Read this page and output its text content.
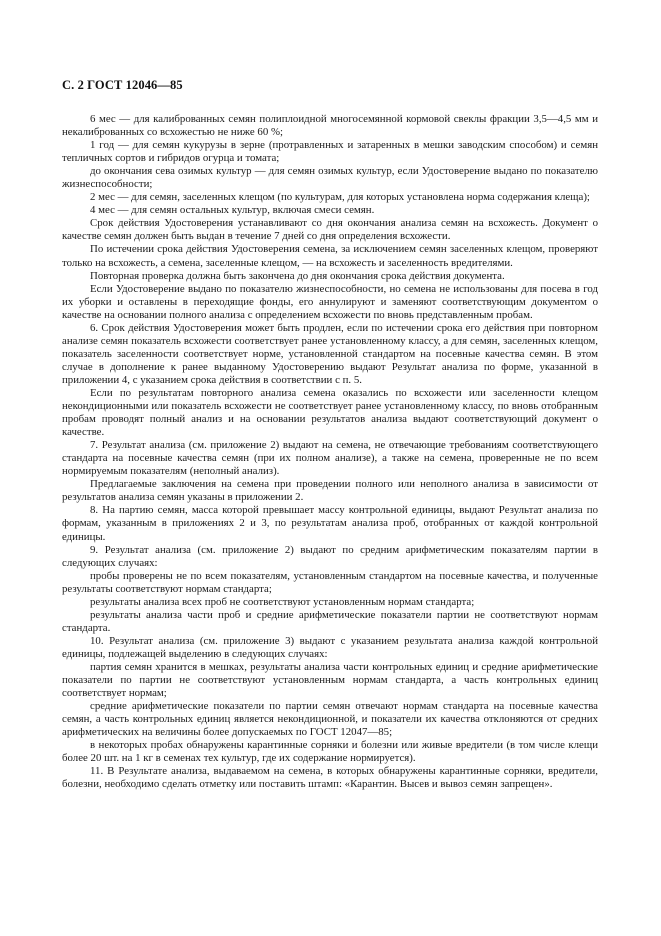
С. 2 ГОСТ 12046—85

6 мес — для калиброванных семян полиплоидной многосемянной кормовой свеклы фракции 3,5—4,5 мм и некалиброванных со всхожестью не ниже 60 %;

1 год — для семян кукурузы в зерне (протравленных и затаренных в мешки заводским способом) и семян тепличных сортов и гибридов огурца и томата;

до окончания сева озимых культур — для семян озимых культур, если Удостоверение выдано по показателю жизнеспособности;

2 мес — для семян, заселенных клещом (по культурам, для которых установлена норма содержания клеща);

4 мес — для семян остальных культур, включая смеси семян.

Срок действия Удостоверения устанавливают со дня окончания анализа семян на всхожесть. Документ о качестве семян должен быть выдан в течение 7 дней со дня определения всхожести.

По истечении срока действия Удостоверения семена, за исключением семян заселенных клещом, проверяют только на всхожесть, а семена, заселенные клещом, — на всхожесть и заселенность вредителями.

Повторная проверка должна быть закончена до дня окончания срока действия документа.

Если Удостоверение выдано по показателю жизнеспособности, но семена не использованы для посева в год их уборки и оставлены в переходящие фонды, его аннулируют и заменяют соответствующим документом о качестве на основании полного анализа с определением всхожести по вновь представленным пробам.

6. Срок действия Удостоверения может быть продлен, если по истечении срока его действия при повторном анализе семян показатель всхожести соответствует ранее установленному классу, а для семян, заселенных клещом, показатель заселенности соответствует норме, установленной стандартом на посевные качества семян. В этом случае в дополнение к ранее выданному Удостоверению выдают Результат анализа по форме, указанной в приложении 4, с указанием срока действия в соответствии с п. 5.

Если по результатам повторного анализа семена оказались по всхожести или заселенности клещом некондиционными или показатель всхожести не соответствует ранее установленному классу, по вновь отобранным пробам проводят полный анализ и на основании результатов анализа выдают соответствующий документ о качестве.

7. Результат анализа (см. приложение 2) выдают на семена, не отвечающие требованиям соответствующего стандарта на посевные качества семян (при их полном анализе), а также на семена, проверенные не по всем нормируемым показателям (неполный анализ).

Предлагаемые заключения на семена при проведении полного или неполного анализа в зависимости от результатов анализа семян указаны в приложении 2.

8. На партию семян, масса которой превышает массу контрольной единицы, выдают Результат анализа по формам, указанным в приложениях 2 и 3, по результатам анализа проб, отобранных от каждой контрольной единицы.

9. Результат анализа (см. приложение 2) выдают по средним арифметическим показателям партии в следующих случаях:

пробы проверены не по всем показателям, установленным стандартом на посевные качества, и полученные результаты соответствуют нормам стандарта;

результаты анализа всех проб не соответствуют установленным нормам стандарта;

результаты анализа части проб и средние арифметические показатели партии не соответствуют нормам стандарта.

10. Результат анализа (см. приложение 3) выдают с указанием результата анализа каждой контрольной единицы, подлежащей выделению в следующих случаях:

партия семян хранится в мешках, результаты анализа части контрольных единиц и средние арифметические показатели по партии не соответствуют установленным нормам стандарта, а часть контрольных единиц соответствует нормам;

средние арифметические показатели по партии семян отвечают нормам стандарта на посевные качества семян, а часть контрольных единиц является некондиционной, и показатели их качества отклоняются от средних арифметических на величины более допускаемых по ГОСТ 12047—85;

в некоторых пробах обнаружены карантинные сорняки и болезни или живые вредители (в том числе клещи более 20 шт. на 1 кг в семенах тех культур, где их содержание нормируется).

11. В Результате анализа, выдаваемом на семена, в которых обнаружены карантинные сорняки, вредители, болезни, необходимо сделать отметку или поставить штамп: «Карантин. Высев и вывоз семян запрещен».
